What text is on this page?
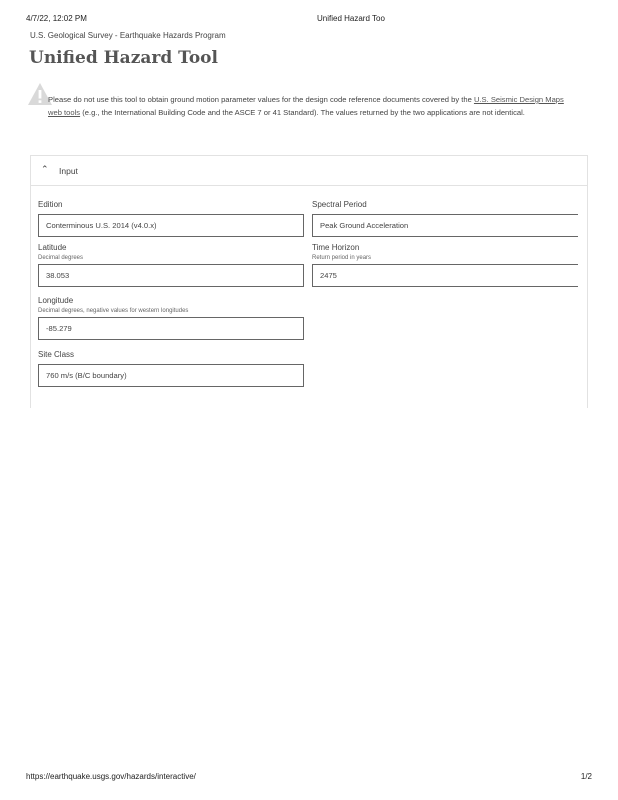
4/7/22, 12:02 PM	Unified Hazard Too
U.S. Geological Survey - Earthquake Hazards Program
Unified Hazard Tool
Please do not use this tool to obtain ground motion parameter values for the design code reference documents covered by the U.S. Seismic Design Maps web tools (e.g., the International Building Code and the ASCE 7 or 41 Standard). The values returned by the two applications are not identical.
⌃ Input
Edition
Conterminous U.S. 2014 (v4.0.x)
Spectral Period
Peak Ground Acceleration
Latitude
Decimal degrees
38.053
Time Horizon
Return period in years
2475
Longitude
Decimal degrees, negative values for western longitudes
-85.279
Site Class
760 m/s (B/C boundary)
https://earthquake.usgs.gov/hazards/interactive/	1/2
